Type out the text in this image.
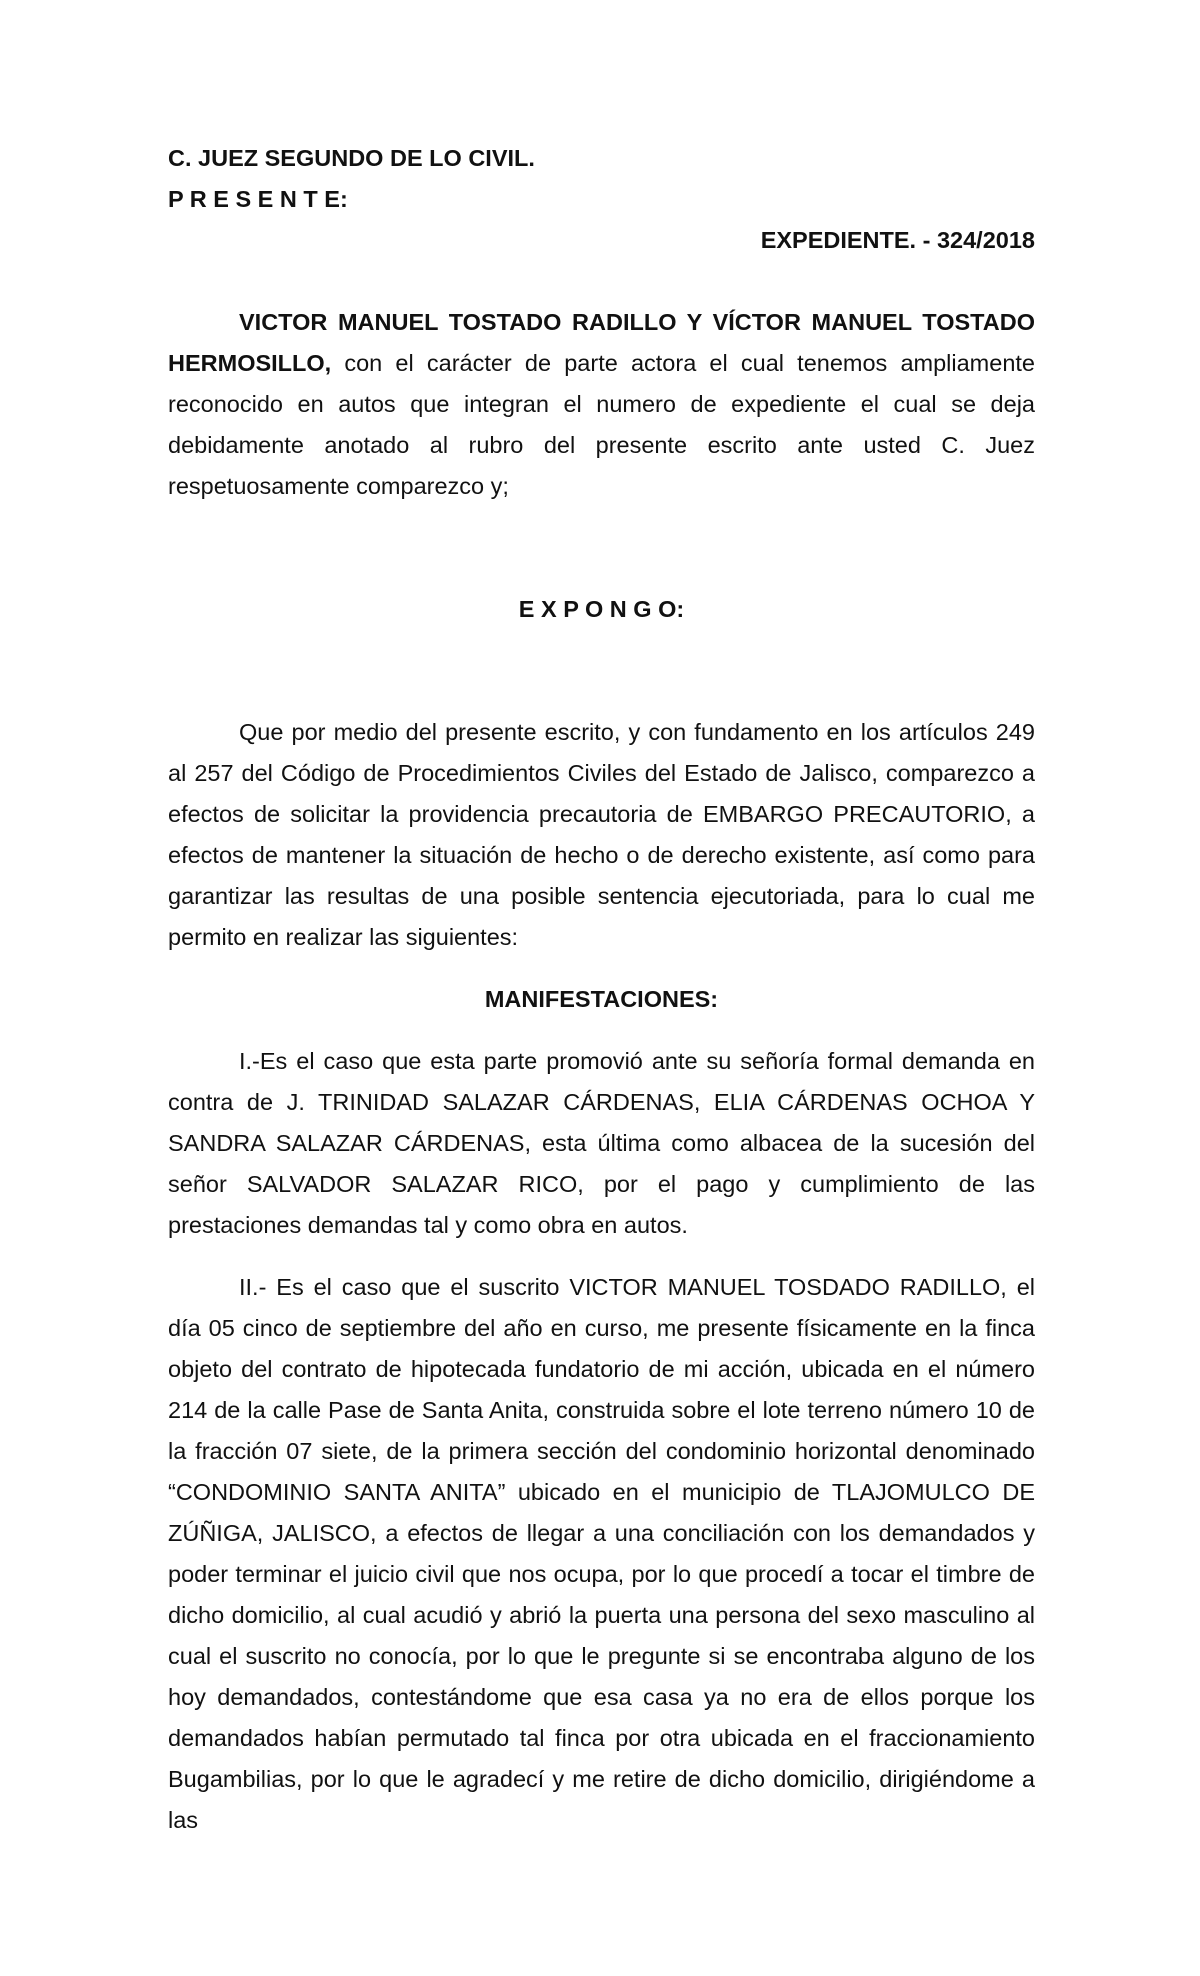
C. JUEZ SEGUNDO DE LO CIVIL.

P R E S E N T E:

EXPEDIENTE. - 324/2018

VICTOR MANUEL TOSTADO RADILLO Y VÍCTOR MANUEL TOSTADO HERMOSILLO, con el carácter de parte actora el cual tenemos ampliamente reconocido en autos que integran el numero de expediente el cual se deja debidamente anotado al rubro del presente escrito ante usted C. Juez respetuosamente comparezco y;

E X P O N G O:

Que por medio del presente escrito, y con fundamento en los artículos 249 al 257 del Código de Procedimientos Civiles del Estado de Jalisco, comparezco a efectos de solicitar la providencia precautoria de EMBARGO PRECAUTORIO, a efectos de mantener la situación de hecho o de derecho existente, así como para garantizar las resultas de una posible sentencia ejecutoriada, para lo cual me permito en realizar las siguientes:

MANIFESTACIONES:

I.-Es el caso que esta parte promovió ante su señoría formal demanda en contra de J. TRINIDAD SALAZAR CÁRDENAS, ELIA CÁRDENAS OCHOA Y SANDRA SALAZAR CÁRDENAS, esta última como albacea de la sucesión del señor SALVADOR SALAZAR RICO, por el pago y cumplimiento de las prestaciones demandas tal y como obra en autos.

II.- Es el caso que el suscrito VICTOR MANUEL TOSDADO RADILLO, el día 05 cinco de septiembre del año en curso, me presente físicamente en la finca objeto del contrato de hipotecada fundatorio de mi acción, ubicada en el número 214 de la calle Pase de Santa Anita, construida sobre el lote terreno número 10 de la fracción 07 siete, de la primera sección del condominio horizontal denominado “CONDOMINIO SANTA ANITA” ubicado en el municipio de TLAJOMULCO DE ZÚÑIGA, JALISCO, a efectos de llegar a una conciliación con los demandados y poder terminar el juicio civil que nos ocupa, por lo que procedí a tocar el timbre de dicho domicilio, al cual acudió y abrió la puerta una persona del sexo masculino al cual el suscrito no conocía, por lo que le pregunte si se encontraba alguno de los hoy demandados, contestándome que esa casa ya no era de ellos porque los demandados habían permutado tal finca por otra ubicada en el fraccionamiento Bugambilias, por lo que le agradecí y me retire de dicho domicilio, dirigiéndome a las
